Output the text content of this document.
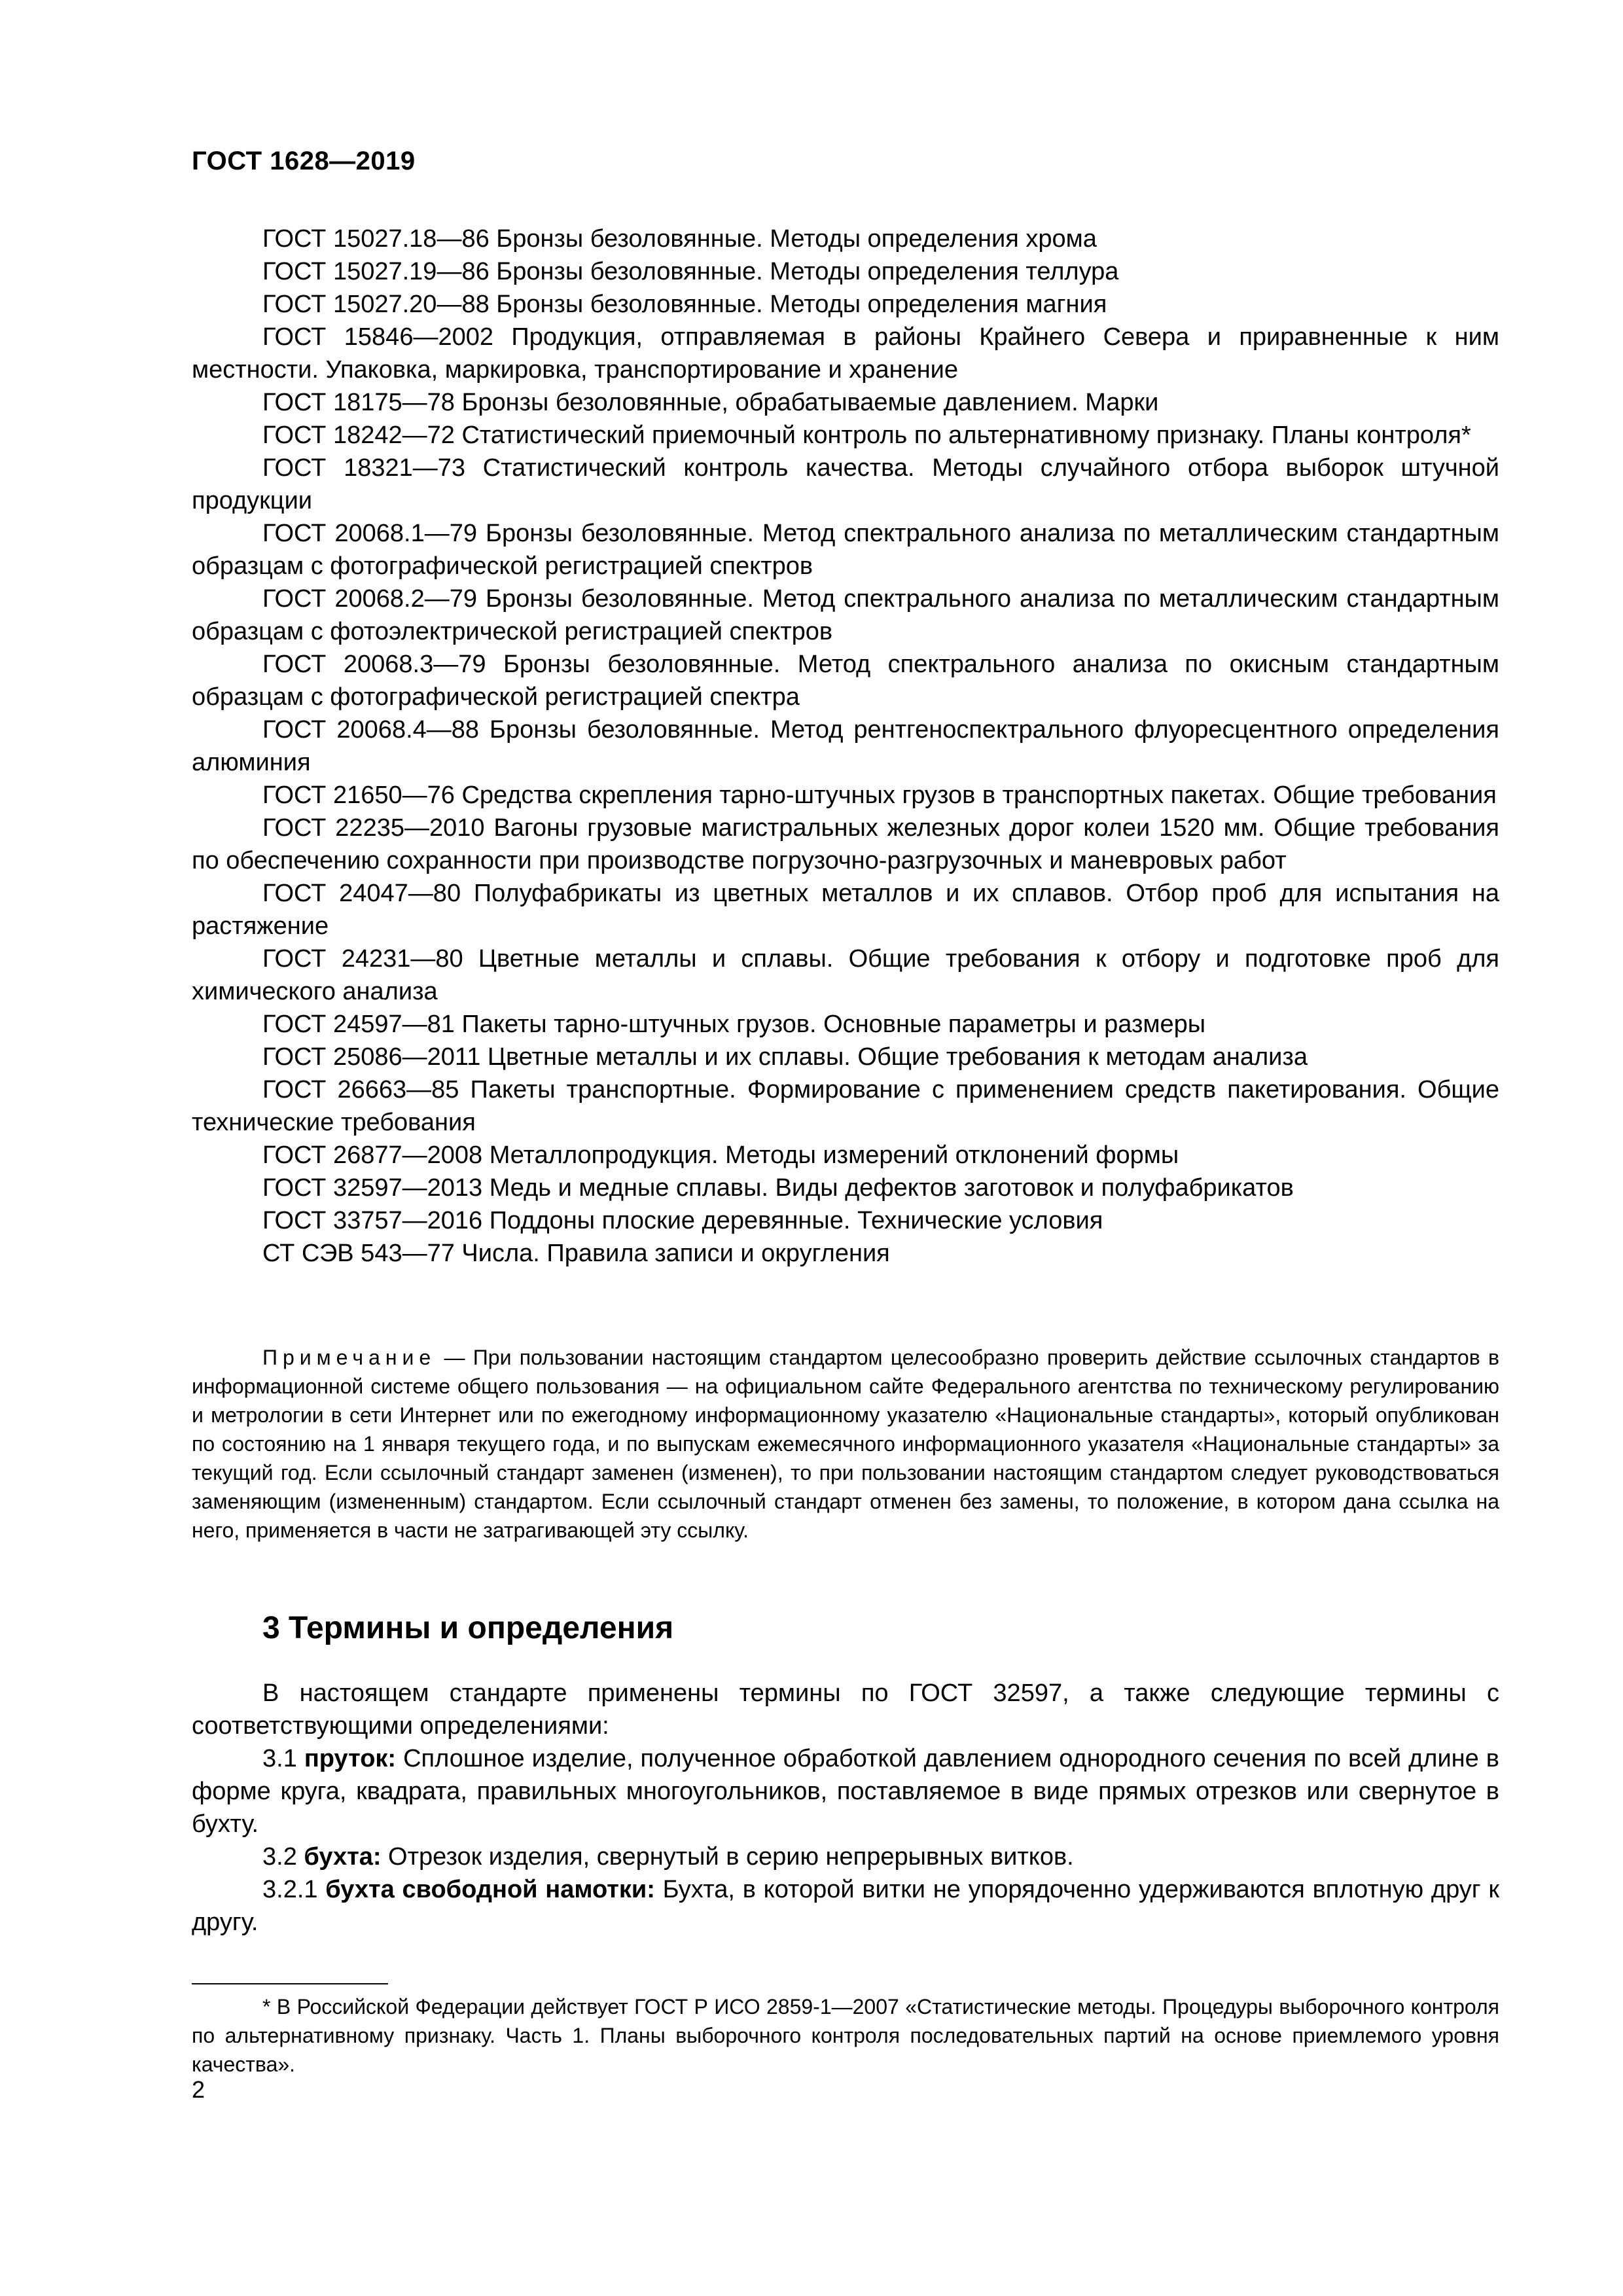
ГОСТ 1628—2019

ГОСТ 15027.18—86 Бронзы безоловянные. Методы определения хрома

ГОСТ 15027.19—86 Бронзы безоловянные. Методы определения теллура

ГОСТ 15027.20—88 Бронзы безоловянные. Методы определения магния

ГОСТ 15846—2002 Продукция, отправляемая в районы Крайнего Севера и приравненные к ним местности. Упаковка, маркировка, транспортирование и хранение

ГОСТ 18175—78 Бронзы безоловянные, обрабатываемые давлением. Марки

ГОСТ 18242—72 Статистический приемочный контроль по альтернативному признаку. Планы контроля*

ГОСТ 18321—73 Статистический контроль качества. Методы случайного отбора выборок штучной продукции

ГОСТ 20068.1—79 Бронзы безоловянные. Метод спектрального анализа по металлическим стандартным образцам с фотографической регистрацией спектров

ГОСТ 20068.2—79 Бронзы безоловянные. Метод спектрального анализа по металлическим стандартным образцам с фотоэлектрической регистрацией спектров

ГОСТ 20068.3—79 Бронзы безоловянные. Метод спектрального анализа по окисным стандартным образцам с фотографической регистрацией спектра

ГОСТ 20068.4—88 Бронзы безоловянные. Метод рентгеноспектрального флуоресцентного определения алюминия

ГОСТ 21650—76 Средства скрепления тарно-штучных грузов в транспортных пакетах. Общие требования

ГОСТ 22235—2010 Вагоны грузовые магистральных железных дорог колеи 1520 мм. Общие требования по обеспечению сохранности при производстве погрузочно-разгрузочных и маневровых работ

ГОСТ 24047—80 Полуфабрикаты из цветных металлов и их сплавов. Отбор проб для испытания на растяжение

ГОСТ 24231—80 Цветные металлы и сплавы. Общие требования к отбору и подготовке проб для химического анализа

ГОСТ 24597—81 Пакеты тарно-штучных грузов. Основные параметры и размеры

ГОСТ 25086—2011 Цветные металлы и их сплавы. Общие требования к методам анализа

ГОСТ 26663—85 Пакеты транспортные. Формирование с применением средств пакетирования. Общие технические требования

ГОСТ 26877—2008 Металлопродукция. Методы измерений отклонений формы

ГОСТ 32597—2013 Медь и медные сплавы. Виды дефектов заготовок и полуфабрикатов

ГОСТ 33757—2016 Поддоны плоские деревянные. Технические условия

СТ СЭВ 543—77 Числа. Правила записи и округления

Примечание — При пользовании настоящим стандартом целесообразно проверить действие ссылочных стандартов в информационной системе общего пользования — на официальном сайте Федерального агентства по техническому регулированию и метрологии в сети Интернет или по ежегодному информационному указателю «Национальные стандарты», который опубликован по состоянию на 1 января текущего года, и по выпускам ежемесячного информационного указателя «Национальные стандарты» за текущий год. Если ссылочный стандарт заменен (изменен), то при пользовании настоящим стандартом следует руководствоваться заменяющим (измененным) стандартом. Если ссылочный стандарт отменен без замены, то положение, в котором дана ссылка на него, применяется в части не затрагивающей эту ссылку.

3 Термины и определения

В настоящем стандарте применены термины по ГОСТ 32597, а также следующие термины с соответствующими определениями:

3.1 пруток: Сплошное изделие, полученное обработкой давлением однородного сечения по всей длине в форме круга, квадрата, правильных многоугольников, поставляемое в виде прямых отрезков или свернутое в бухту.

3.2 бухта: Отрезок изделия, свернутый в серию непрерывных витков.

3.2.1 бухта свободной намотки: Бухта, в которой витки не упорядоченно удерживаются вплотную друг к другу.

* В Российской Федерации действует ГОСТ Р ИСО 2859-1—2007 «Статистические методы. Процедуры выборочного контроля по альтернативному признаку. Часть 1. Планы выборочного контроля последовательных партий на основе приемлемого уровня качества».

2
